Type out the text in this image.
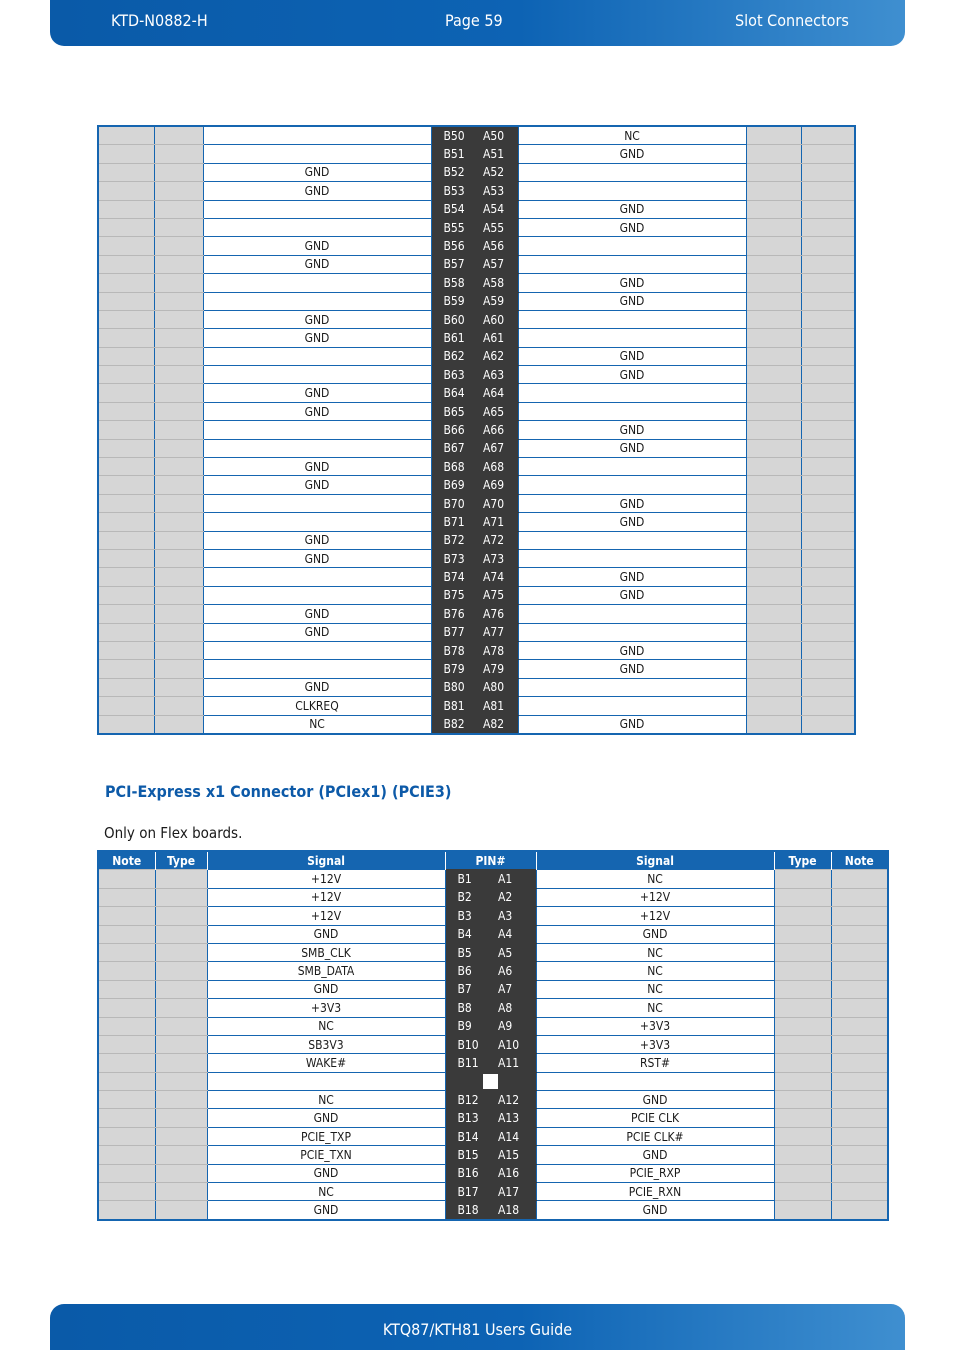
KTD-N0882-H	Page 59	Slot Connectors
			B50	A50	NC		
			B51	A51	GND		
		GND	B52	A52			
		GND	B53	A53			
			B54	A54	GND		
			B55	A55	GND		
		GND	B56	A56			
		GND	B57	A57			
			B58	A58	GND		
			B59	A59	GND		
		GND	B60	A60			
		GND	B61	A61			
			B62	A62	GND		
			B63	A63	GND		
		GND	B64	A64			
		GND	B65	A65			
			B66	A66	GND		
			B67	A67	GND		
		GND	B68	A68			
		GND	B69	A69			
			B70	A70	GND		
			B71	A71	GND		
		GND	B72	A72			
		GND	B73	A73			
			B74	A74	GND		
			B75	A75	GND		
		GND	B76	A76			
		GND	B77	A77			
			B78	A78	GND		
			B79	A79	GND		
		GND	B80	A80			
		CLKREQ	B81	A81			
		NC	B82	A82	GND		
PCI-Express x1 Connector (PCIex1) (PCIE3)
Only on Flex boards.
Note	Type	Signal	PIN#		Signal	Type	Note
		+12V	B1	A1	NC		
		+12V	B2	A2	+12V		
		+12V	B3	A3	+12V		
		GND	B4	A4	GND		
		SMB_CLK	B5	A5	NC		
		SMB_DATA	B6	A6	NC		
		GND	B7	A7	NC		
		+3V3	B8	A8	NC		
		NC	B9	A9	+3V3		
		SB3V3	B10	A10	+3V3		
		WAKE#	B11	A11	RST#		

		NC	B12	A12	GND		
		GND	B13	A13	PCIE CLK		
		PCIE_TXP	B14	A14	PCIE CLK#		
		PCIE_TXN	B15	A15	GND		
		GND	B16	A16	PCIE_RXP		
		NC	B17	A17	PCIE_RXN		
		GND	B18	A18	GND		
KTQ87/KTH81 Users Guide
